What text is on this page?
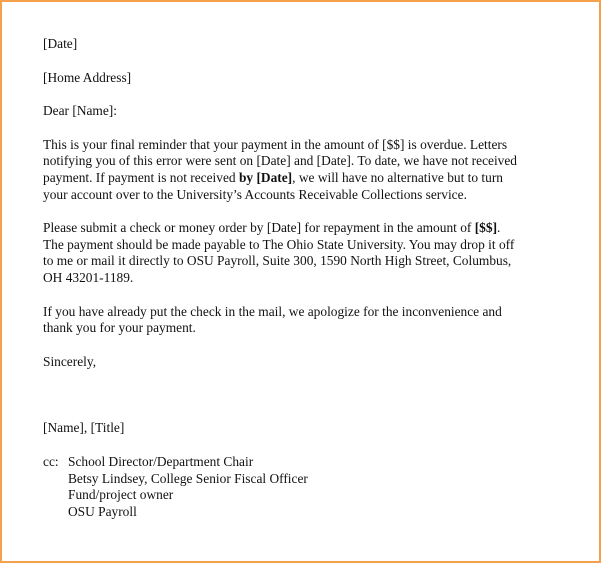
[Date]
[Home Address]
Dear [Name]:
This is your final reminder that your payment in the amount of [$$] is overdue. Letters
notifying you of this error were sent on [Date] and [Date]. To date, we have not received
payment. If payment is not received by [Date], we will have no alternative but to turn
your account over to the University’s Accounts Receivable Collections service.
Please submit a check or money order by [Date] for repayment in the amount of [$$].
The payment should be made payable to The Ohio State University. You may drop it off
to me or mail it directly to OSU Payroll, Suite 300, 1590 North High Street, Columbus,
OH 43201-1189.
If you have already put the check in the mail, we apologize for the inconvenience and
thank you for your payment.
Sincerely,
[Name], [Title]
cc: School Director/Department Chair
Betsy Lindsey, College Senior Fiscal Officer
Fund/project owner
OSU Payroll
